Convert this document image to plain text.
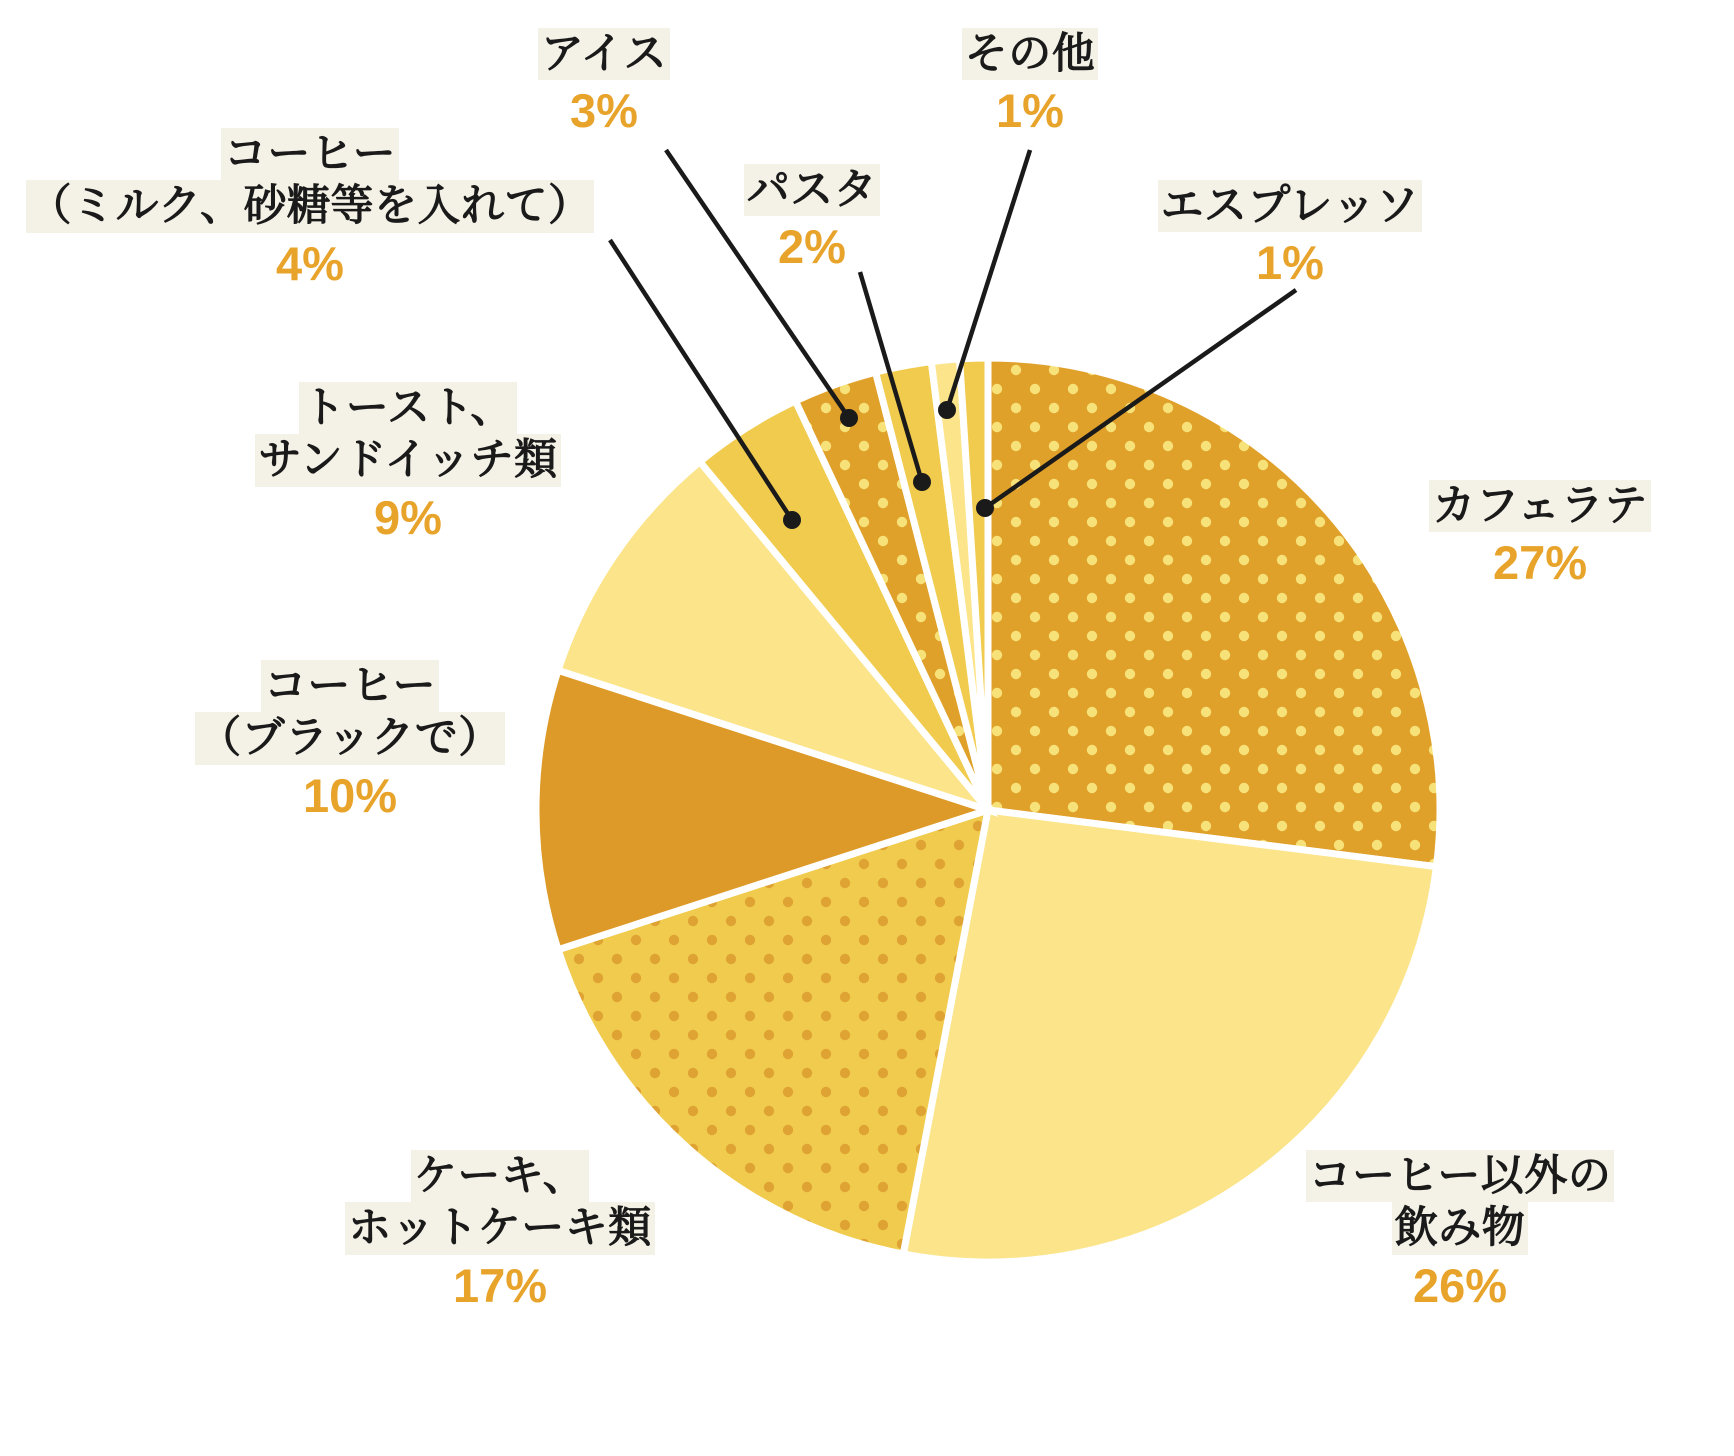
アイス
3%
その他
1%
コーヒー
（ミルク、砂糖等を入れて）
4%
パスタ
2%
エスプレッソ
1%
トースト、
サンドイッチ類
9%	カフェラテ
27%
コーヒー
（ブラックで）
10%
コーヒー以外の
飲み物
26%
ケーキ、
ホットケーキ類
17%
